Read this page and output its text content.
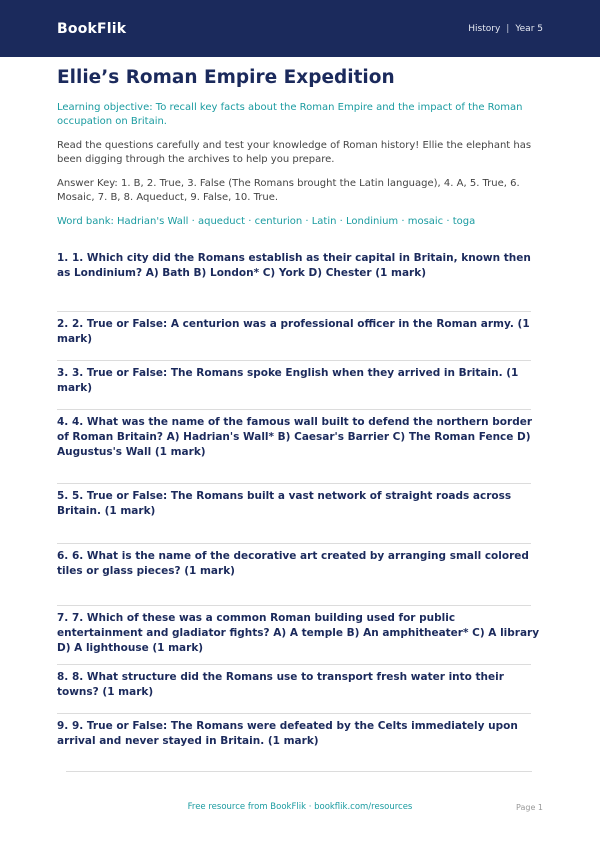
BookFlik	History | Year 5
Ellie’s Roman Empire Expedition

Learning objective: To recall key facts about the Roman Empire and the impact of the Roman occupation on Britain.

Read the questions carefully and test your knowledge of Roman history! Ellie the elephant has been digging through the archives to help you prepare.

Answer Key: 1. B, 2. True, 3. False (The Romans brought the Latin language), 4. A, 5. True, 6. Mosaic, 7. B, 8. Aqueduct, 9. False, 10. True.

Word bank: Hadrian's Wall · aqueduct · centurion · Latin · Londinium · mosaic · toga

1. 1. Which city did the Romans establish as their capital in Britain, known then as Londinium? A) Bath B) London* C) York D) Chester (1 mark)
2. 2. True or False: A centurion was a professional officer in the Roman army. (1 mark)
3. 3. True or False: The Romans spoke English when they arrived in Britain. (1 mark)
4. 4. What was the name of the famous wall built to defend the northern border of Roman Britain? A) Hadrian's Wall* B) Caesar's Barrier C) The Roman Fence D) Augustus's Wall (1 mark)
5. 5. True or False: The Romans built a vast network of straight roads across Britain. (1 mark)
6. 6. What is the name of the decorative art created by arranging small colored tiles or glass pieces? (1 mark)
7. 7. Which of these was a common Roman building used for public entertainment and gladiator fights? A) A temple B) An amphitheater* C) A library D) A lighthouse (1 mark)
8. 8. What structure did the Romans use to transport fresh water into their towns? (1 mark)
9. 9. True or False: The Romans were defeated by the Celts immediately upon arrival and never stayed in Britain. (1 mark)
Free resource from BookFlik · bookflik.com/resources	Page 1
